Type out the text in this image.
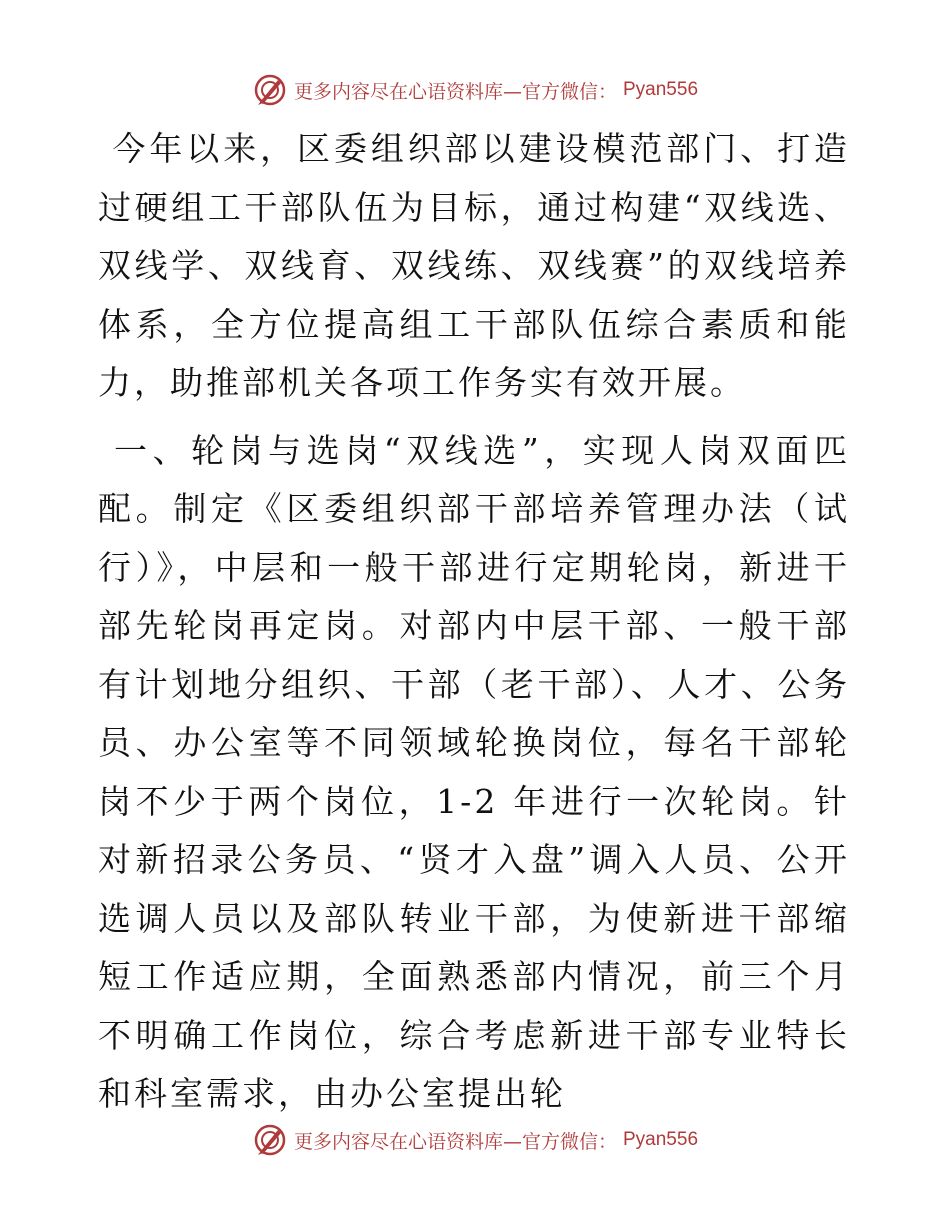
更多内容尽在心语资料库—官方微信： Pyan556

今年以来，区委组织部以建设模范部门、打造过硬组工干部队伍为目标，通过构建“双线选、双线学、双线育、双线练、双线赛”的双线培养体系，全方位提高组工干部队伍综合素质和能力，助推部机关各项工作务实有效开展。

一、轮岗与选岗“双线选”，实现人岗双面匹配。制定《区委组织部干部培养管理办法（试行）》，中层和一般干部进行定期轮岗，新进干部先轮岗再定岗。对部内中层干部、一般干部有计划地分组织、干部（老干部）、人才、公务员、办公室等不同领域轮换岗位，每名干部轮岗不少于两个岗位，1-2 年进行一次轮岗。针对新招录公务员、“贤才入盘”调入人员、公开选调人员以及部队转业干部，为使新进干部缩短工作适应期，全面熟悉部内情况，前三个月不明确工作岗位，综合考虑新进干部专业特长和科室需求，由办公室提出轮

更多内容尽在心语资料库—官方微信： Pyan556
